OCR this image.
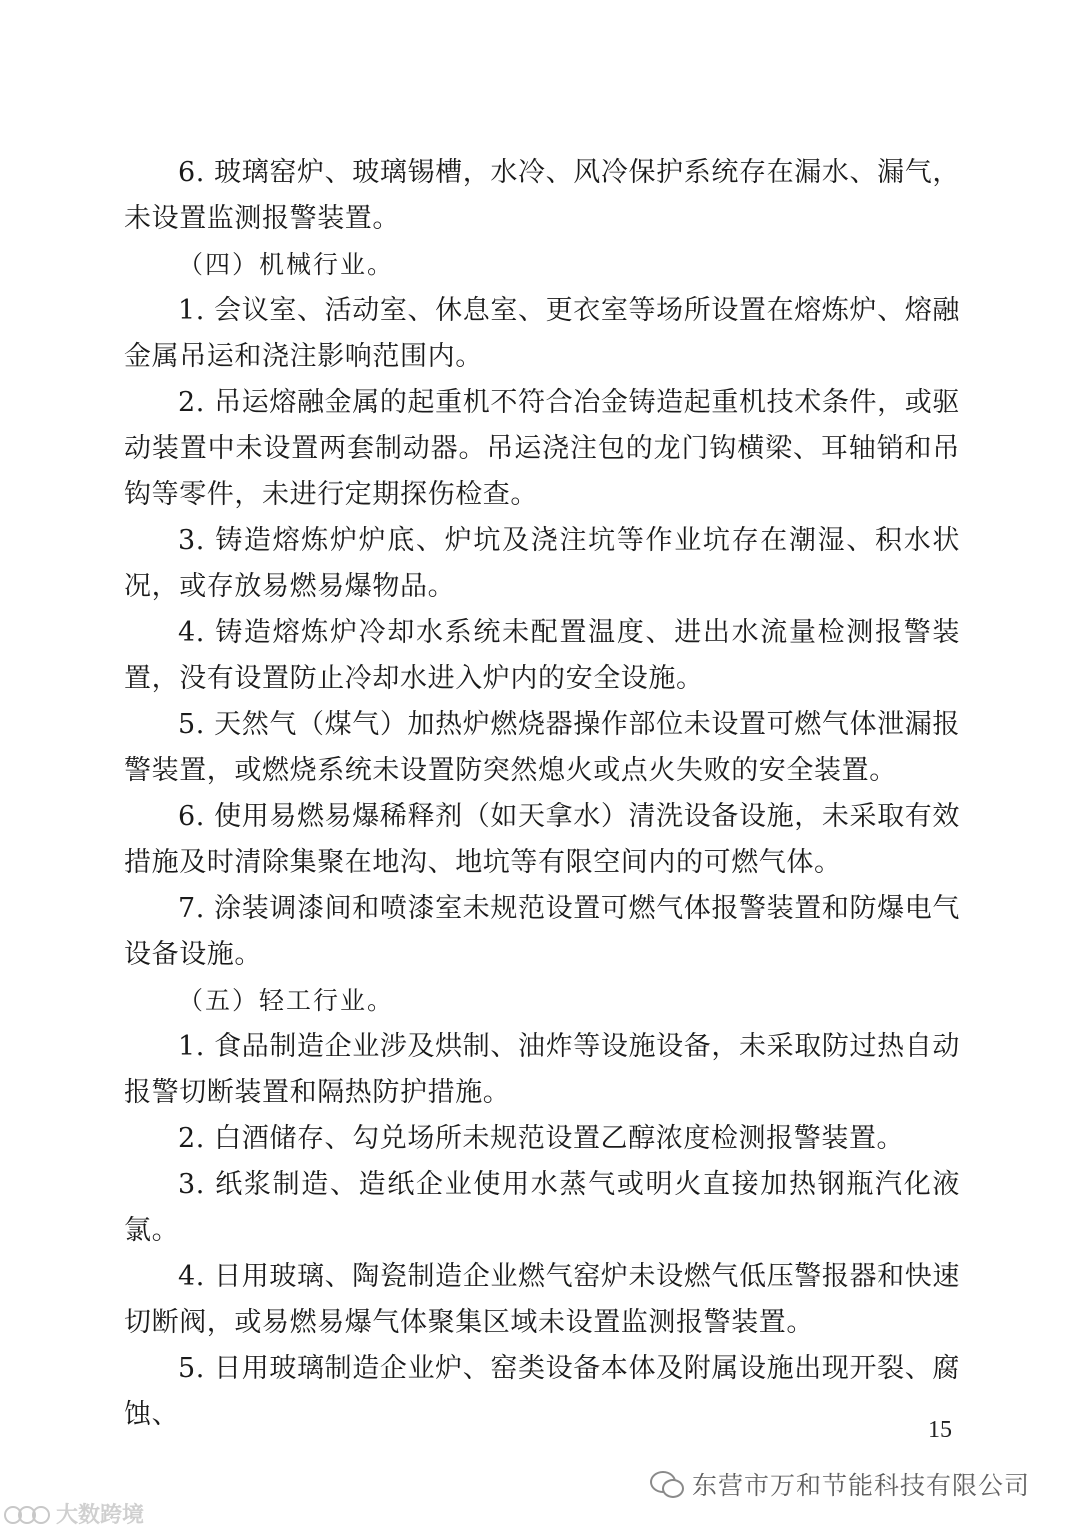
6. 玻璃窑炉、玻璃锡槽，水冷、风冷保护系统存在漏水、漏气，未设置监测报警装置。

（四）机械行业。

1. 会议室、活动室、休息室、更衣室等场所设置在熔炼炉、熔融金属吊运和浇注影响范围内。

2. 吊运熔融金属的起重机不符合冶金铸造起重机技术条件，或驱动装置中未设置两套制动器。吊运浇注包的龙门钩横梁、耳轴销和吊钩等零件，未进行定期探伤检查。

3. 铸造熔炼炉炉底、炉坑及浇注坑等作业坑存在潮湿、积水状况，或存放易燃易爆物品。

4. 铸造熔炼炉冷却水系统未配置温度、进出水流量检测报警装置，没有设置防止冷却水进入炉内的安全设施。

5. 天然气（煤气）加热炉燃烧器操作部位未设置可燃气体泄漏报警装置，或燃烧系统未设置防突然熄火或点火失败的安全装置。

6. 使用易燃易爆稀释剂（如天拿水）清洗设备设施，未采取有效措施及时清除集聚在地沟、地坑等有限空间内的可燃气体。

7. 涂装调漆间和喷漆室未规范设置可燃气体报警装置和防爆电气设备设施。

（五）轻工行业。

1. 食品制造企业涉及烘制、油炸等设施设备，未采取防过热自动报警切断装置和隔热防护措施。

2. 白酒储存、勾兑场所未规范设置乙醇浓度检测报警装置。

3. 纸浆制造、造纸企业使用水蒸气或明火直接加热钢瓶汽化液氯。

4. 日用玻璃、陶瓷制造企业燃气窑炉未设燃气低压警报器和快速切断阀，或易燃易爆气体聚集区域未设置监测报警装置。

5. 日用玻璃制造企业炉、窑类设备本体及附属设施出现开裂、腐蚀、	15
东营市万和节能科技有限公司
大数跨境
